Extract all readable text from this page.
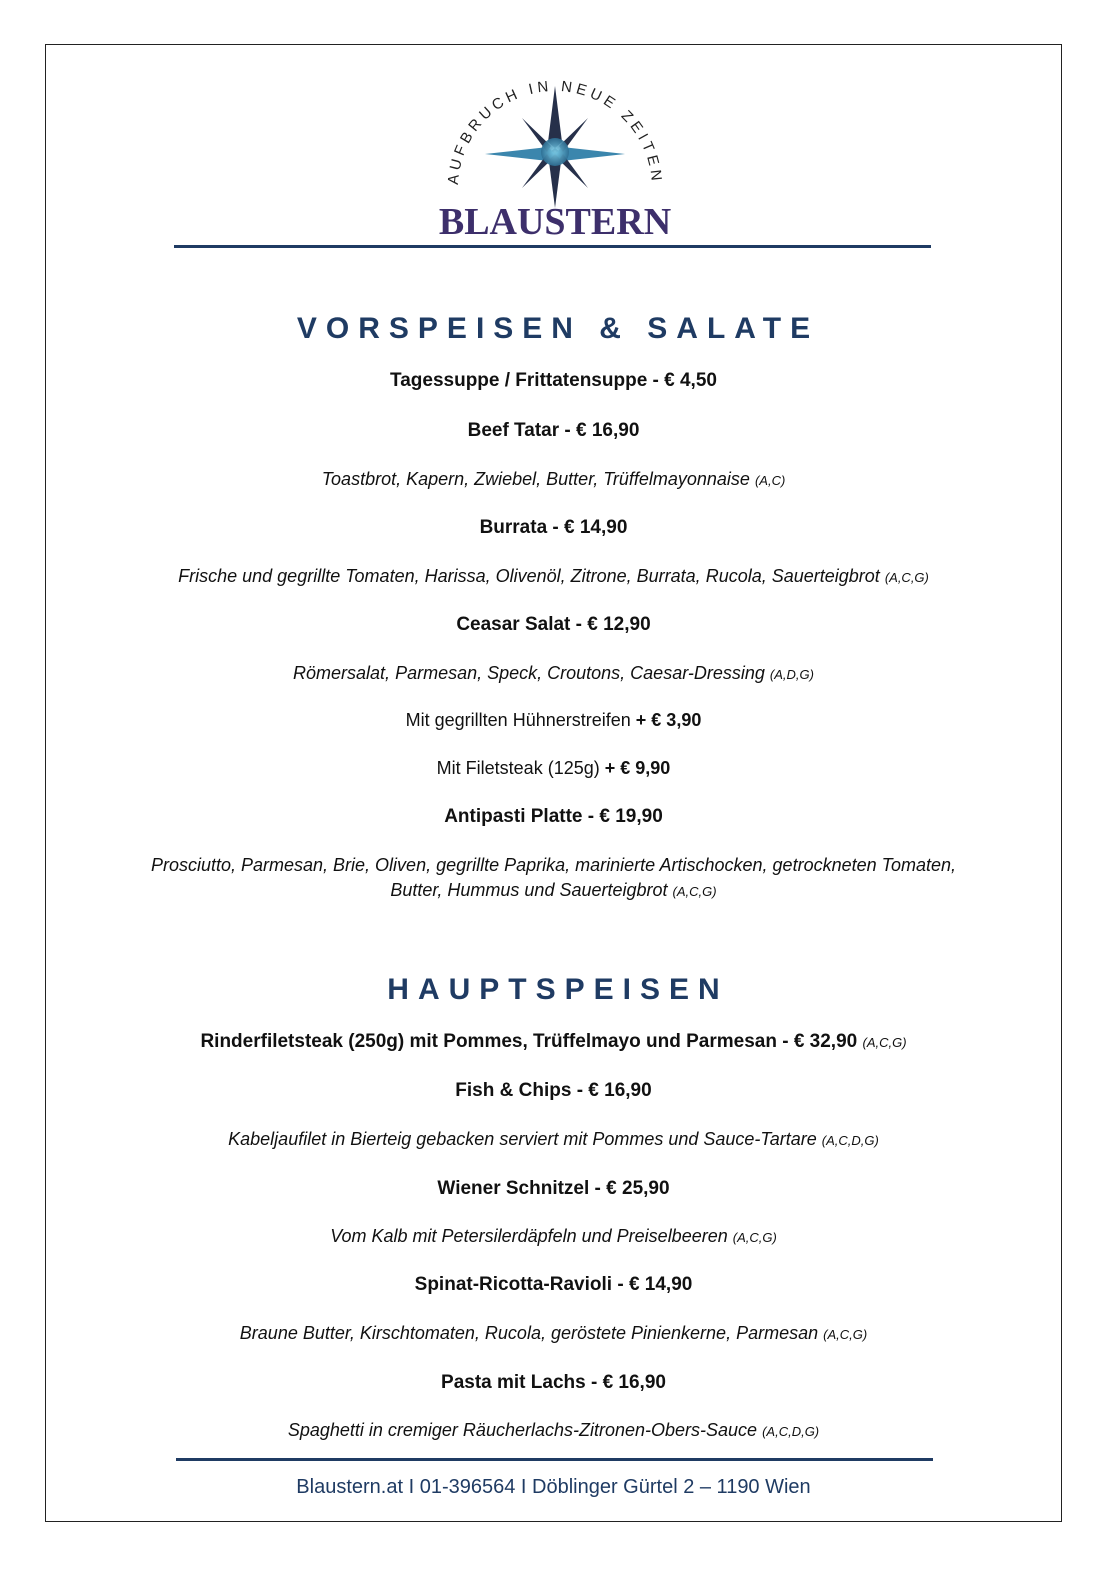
AUFBRUCH IN NEUE ZEITEN
BLAUSTERN
VORSPEISEN & SALATE
Tagessuppe / Frittatensuppe - € 4,50
Beef Tatar - € 16,90
Toastbrot, Kapern, Zwiebel, Butter, Trüffelmayonnaise (A,C)
Burrata - € 14,90
Frische und gegrillte Tomaten, Harissa, Olivenöl, Zitrone, Burrata, Rucola, Sauerteigbrot (A,C,G)
Ceasar Salat - € 12,90
Römersalat, Parmesan, Speck, Croutons, Caesar-Dressing (A,D,G)
Mit gegrillten Hühnerstreifen + € 3,90
Mit Filetsteak (125g) + € 9,90
Antipasti Platte - € 19,90
Prosciutto, Parmesan, Brie, Oliven, gegrillte Paprika, marinierte Artischocken, getrockneten Tomaten,
Butter, Hummus und Sauerteigbrot (A,C,G)
HAUPTSPEISEN
Rinderfiletsteak (250g) mit Pommes, Trüffelmayo und Parmesan - € 32,90 (A,C,G)
Fish & Chips - € 16,90
Kabeljaufilet in Bierteig gebacken serviert mit Pommes und Sauce-Tartare (A,C,D,G)
Wiener Schnitzel - € 25,90
Vom Kalb mit Petersilerdäpfeln und Preiselbeeren (A,C,G)
Spinat-Ricotta-Ravioli - € 14,90
Braune Butter, Kirschtomaten, Rucola, geröstete Pinienkerne, Parmesan (A,C,G)
Pasta mit Lachs - € 16,90
Spaghetti in cremiger Räucherlachs-Zitronen-Obers-Sauce (A,C,D,G)
Blaustern.at I 01-396564 I Döblinger Gürtel 2 – 1190 Wien
